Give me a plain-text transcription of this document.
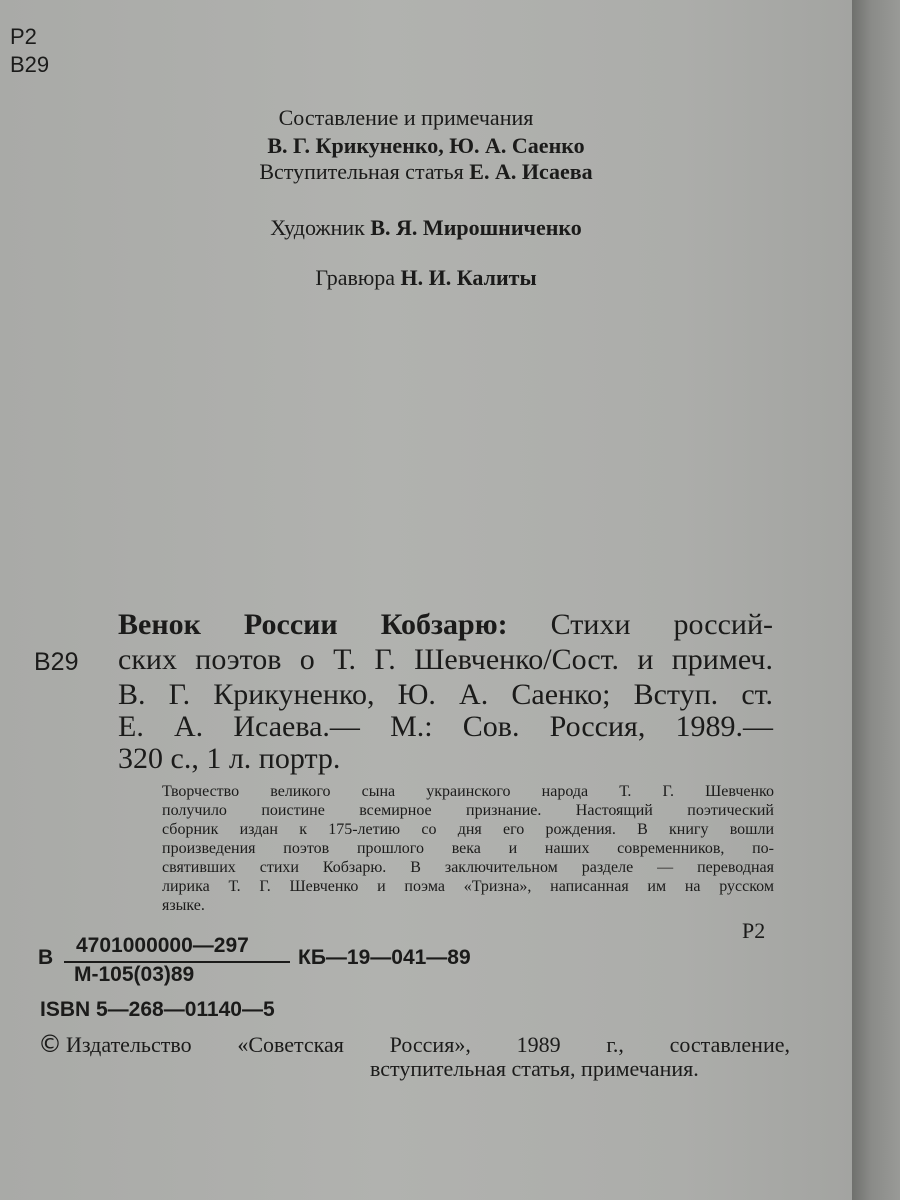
Р2
В29
Составление и примечания
В. Г. Крикуненко, Ю. А. Саенко
Вступительная статья Е. А. Исаева
Художник В. Я. Мирошниченко
Гравюра Н. И. Калиты
В29
Венок России Кобзарю: Стихи россий-
ских поэтов о Т. Г. Шевченко/Сост. и примеч.
В. Г. Крикуненко, Ю. А. Саенко; Вступ. ст.
Е. А. Исаева.— М.: Сов. Россия, 1989.—
320 с., 1 л. портр.
Творчество великого сына украинского народа Т. Г. Шевченко
получило поистине всемирное признание. Настоящий поэтический
сборник издан к 175-летию со дня его рождения. В книгу вошли
произведения поэтов прошлого века и наших современников, по-
святивших стихи Кобзарю. В заключительном разделе — переводная
лирика Т. Г. Шевченко и поэма «Тризна», написанная им на русском
языке.
Р2
В
4701000000—297
М-105(03)89
КБ—19—041—89
ISBN 5—268—01140—5
© Издательство «Советская Россия», 1989 г., составление,
вступительная статья, примечания.
